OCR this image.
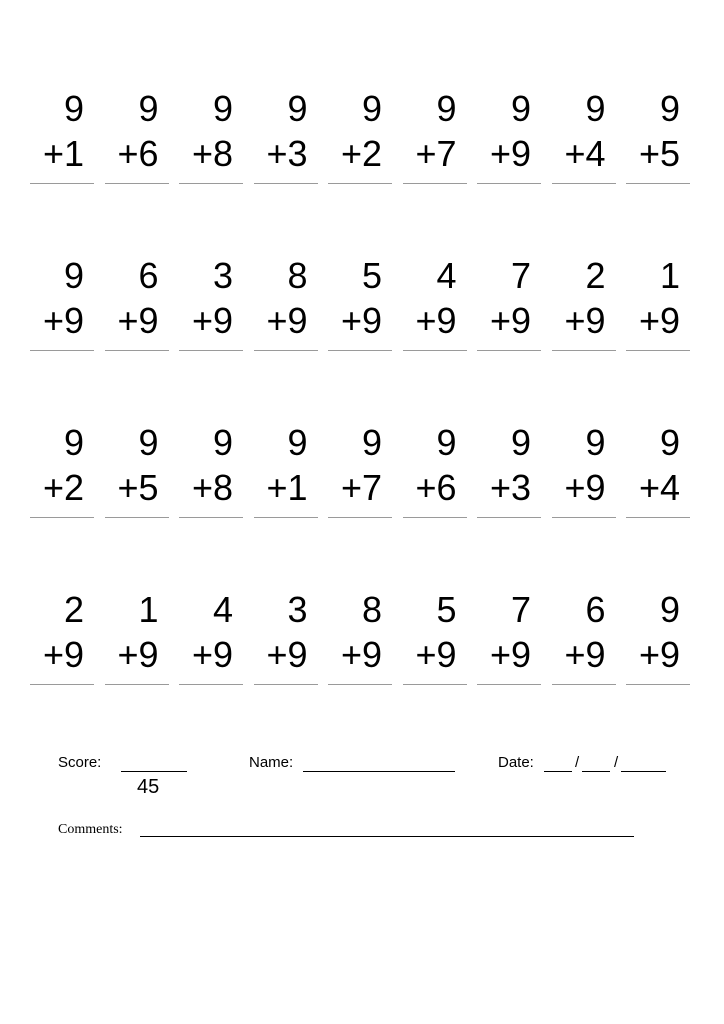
9
+1
9
+6
9
+8
9
+3
9
+2
9
+7
9
+9
9
+4
9
+5
9
+9
6
+9
3
+9
8
+9
5
+9
4
+9
7
+9
2
+9
1
+9
9
+2
9
+5
9
+8
9
+1
9
+7
9
+6
9
+3
9
+9
9
+4
2
+9
1
+9
4
+9
3
+9
8
+9
5
+9
7
+9
6
+9
9
+9
Score:
45
Name:	Date:	/ /
Comments:
